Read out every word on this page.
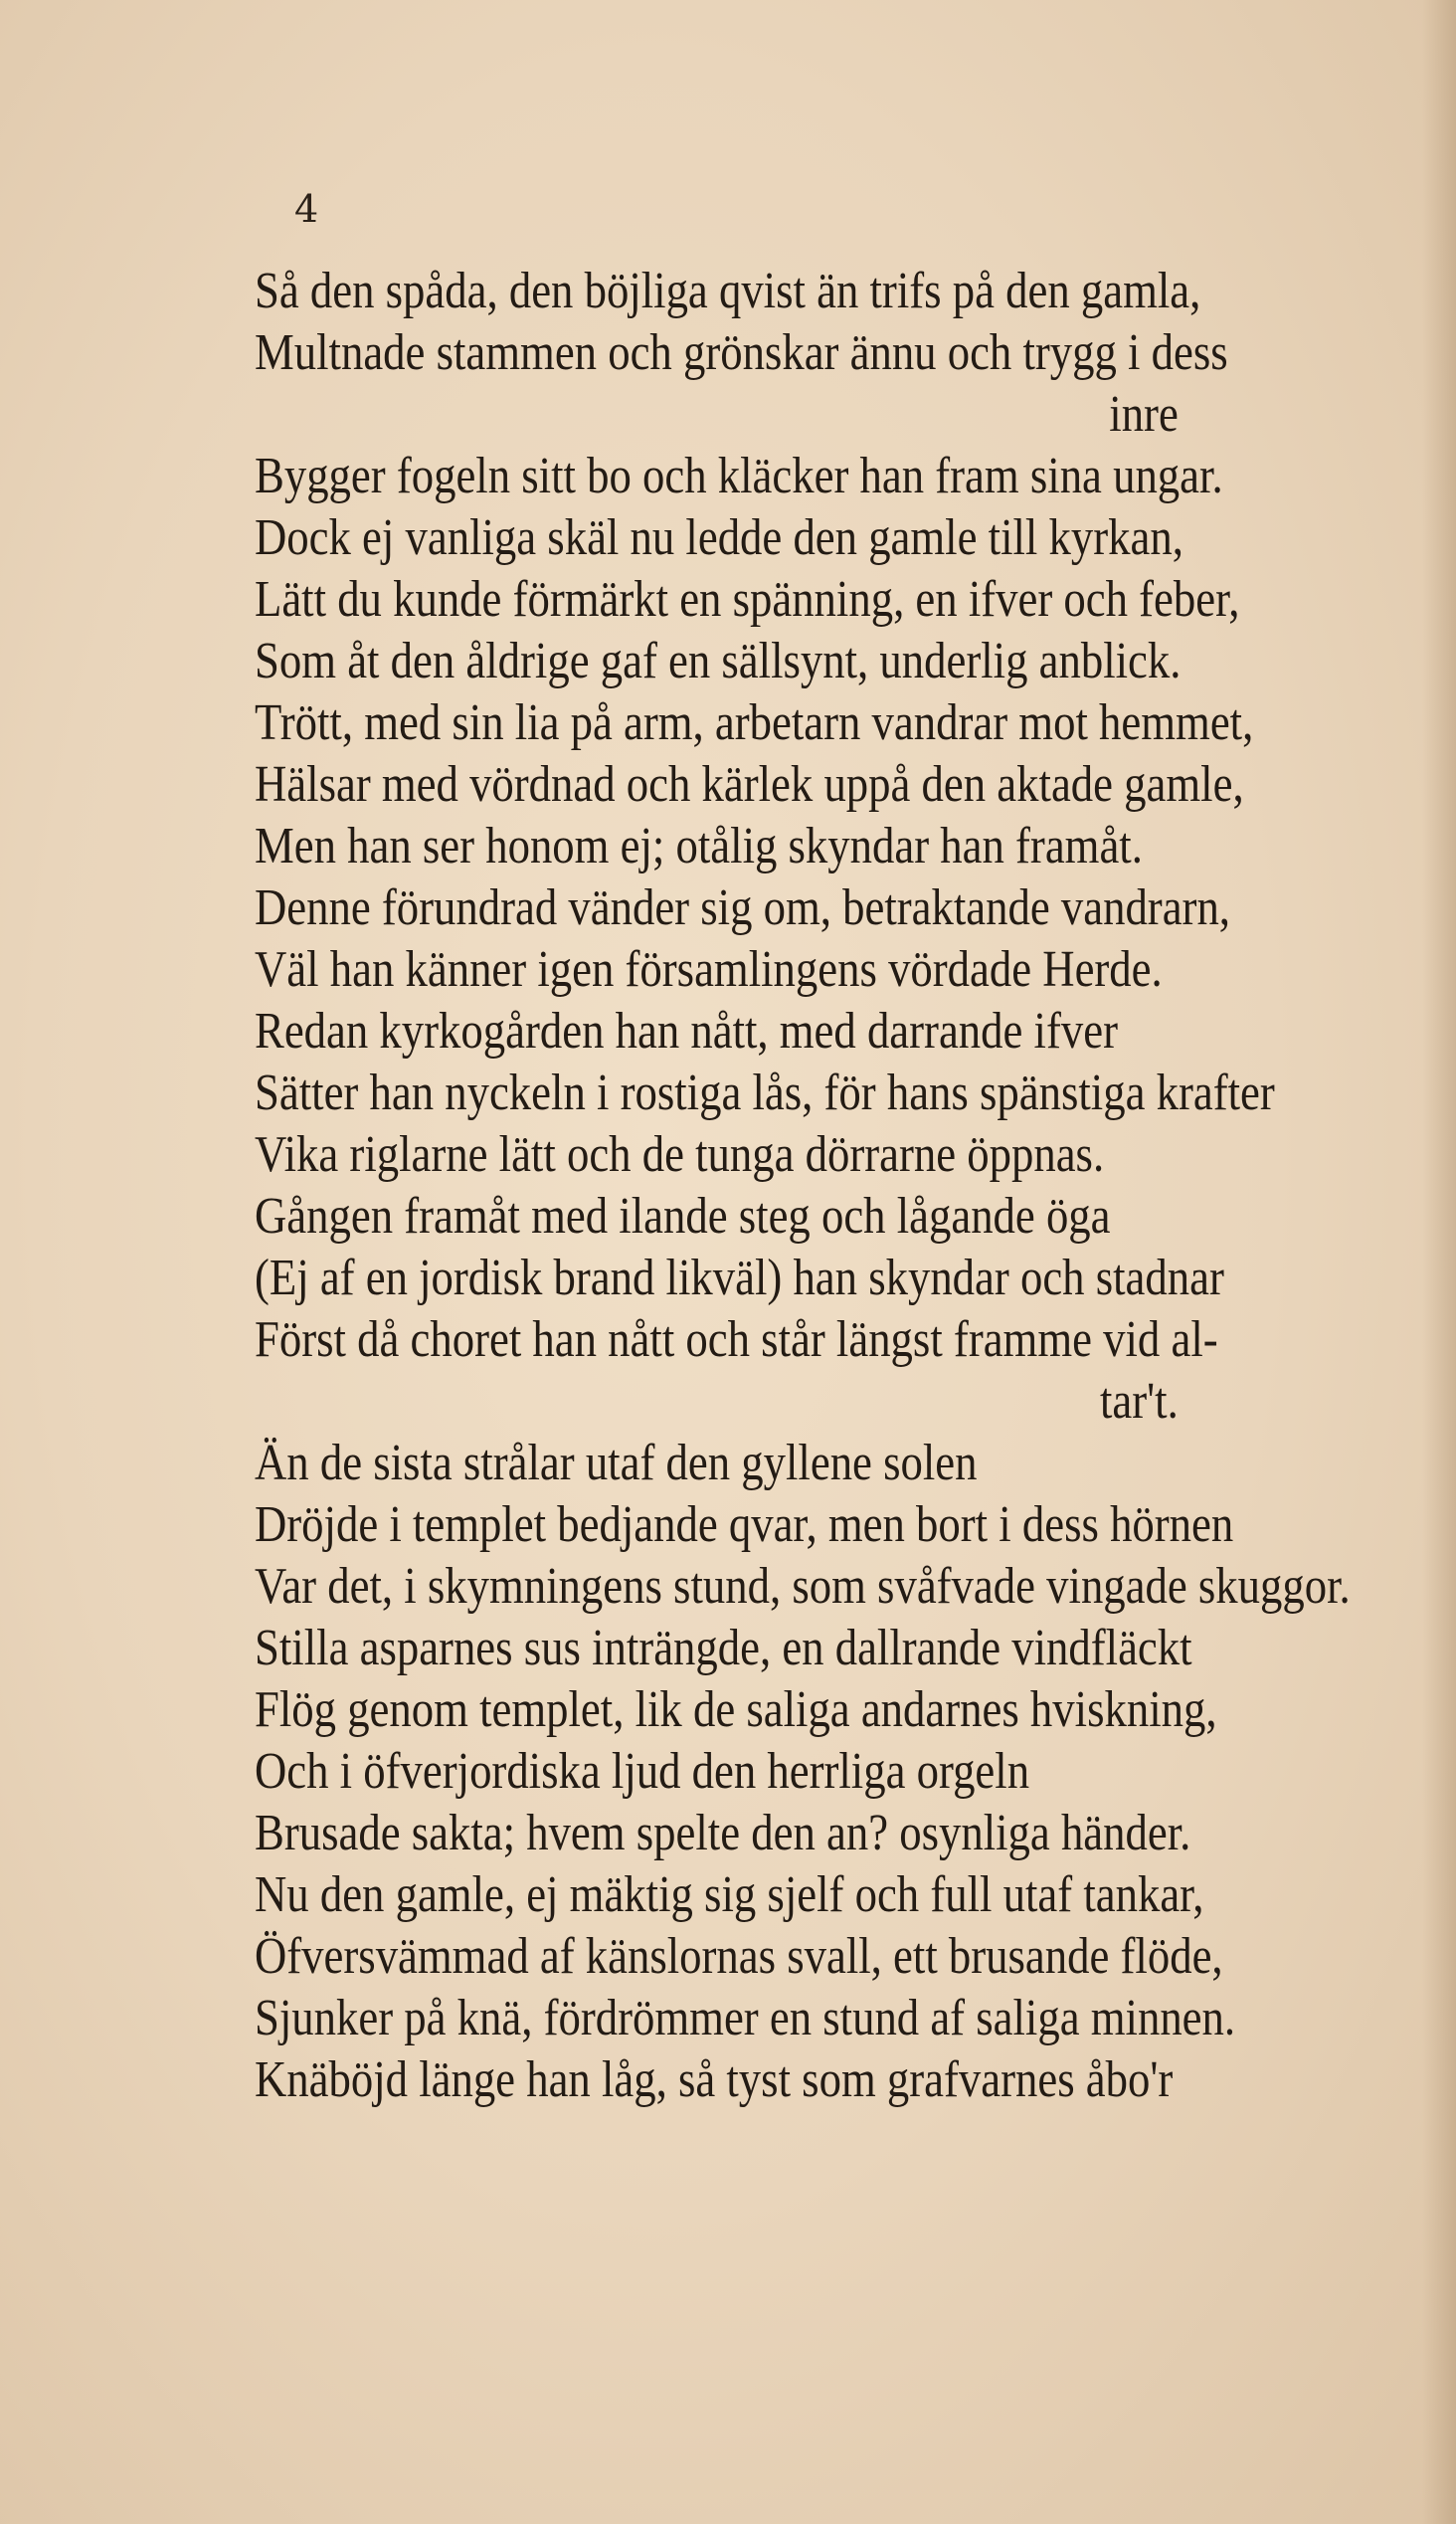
4
Så den spåda, den böjliga qvist än trifs på den gamla,
Multnade stammen och grönskar ännu och trygg i dess
inre
Bygger fogeln sitt bo och kläcker han fram sina ungar.
Dock ej vanliga skäl nu ledde den gamle till kyrkan,
Lätt du kunde förmärkt en spänning, en ifver och feber,
Som åt den åldrige gaf en sällsynt, underlig anblick.
Trött, med sin lia på arm, arbetarn vandrar mot hemmet,
Hälsar med vördnad och kärlek uppå den aktade gamle,
Men han ser honom ej; otålig skyndar han framåt.
Denne förundrad vänder sig om, betraktande vandrarn,
Väl han känner igen församlingens vördade Herde.
Redan kyrkogården han nått, med darrande ifver
Sätter han nyckeln i rostiga lås, för hans spänstiga krafter
Vika riglarne lätt och de tunga dörrarne öppnas.
Gången framåt med ilande steg och lågande öga
(Ej af en jordisk brand likväl) han skyndar och stadnar
Först då choret han nått och står längst framme vid al-
tar't.
Än de sista strålar utaf den gyllene solen
Dröjde i templet bedjande qvar, men bort i dess hörnen
Var det, i skymningens stund, som svåfvade vingade skuggor.
Stilla asparnes sus inträngde, en dallrande vindfläckt
Flög genom templet, lik de saliga andarnes hviskning,
Och i öfverjordiska ljud den herrliga orgeln
Brusade sakta; hvem spelte den an? osynliga händer.
Nu den gamle, ej mäktig sig sjelf och full utaf tankar,
Öfversvämmad af känslornas svall, ett brusande flöde,
Sjunker på knä, fördrömmer en stund af saliga minnen.
Knäböjd länge han låg, så tyst som grafvarnes åbo'r
